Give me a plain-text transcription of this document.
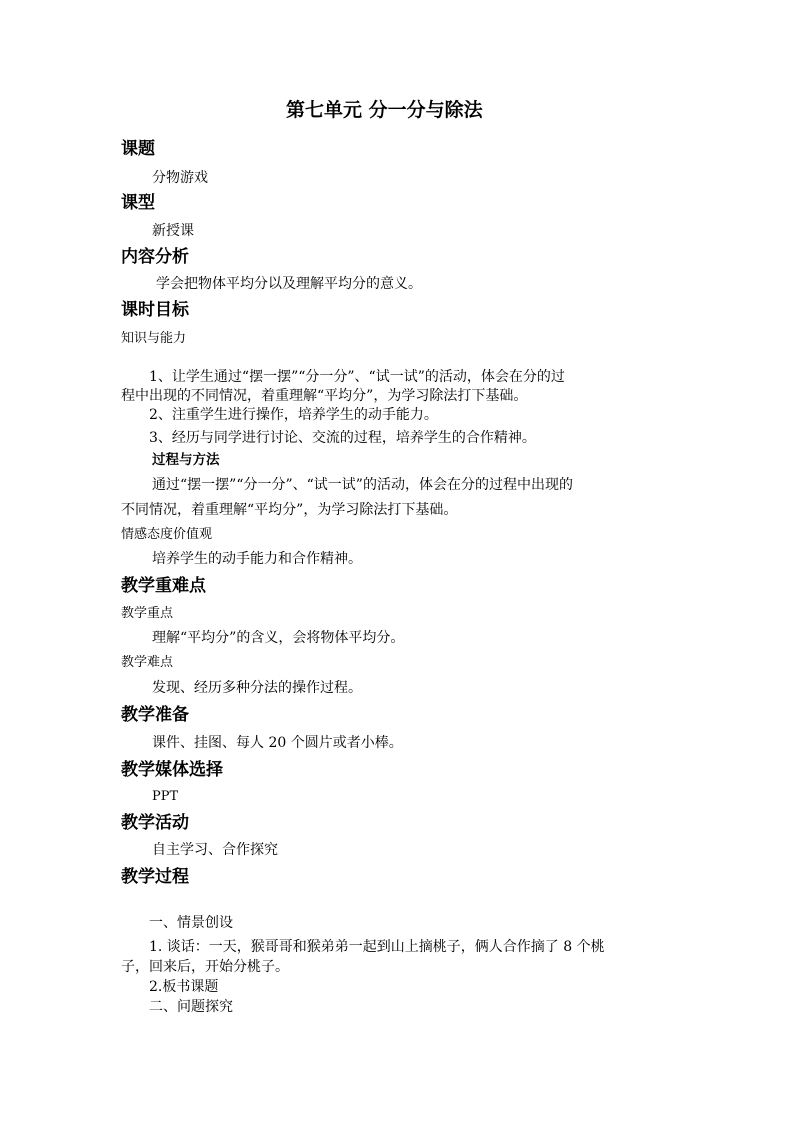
第七单元 分一分与除法
课题
分物游戏
课型
新授课
内容分析
学会把物体平均分以及理解平均分的意义。
课时目标
知识与能力
1、让学生通过“摆一摆”“分一分”、“试一试”的活动，体会在分的过
程中出现的不同情况，着重理解“平均分”，为学习除法打下基础。
2、注重学生进行操作，培养学生的动手能力。
3、经历与同学进行讨论、交流的过程，培养学生的合作精神。
过程与方法
通过“摆一摆”“分一分”、“试一试”的活动，体会在分的过程中出现的
不同情况，着重理解“平均分”，为学习除法打下基础。
情感态度价值观
培养学生的动手能力和合作精神。
教学重难点
教学重点
理解“平均分”的含义，会将物体平均分。
教学难点
发现、经历多种分法的操作过程。
教学准备
课件、挂图、每人 20 个圆片或者小棒。
教学媒体选择
PPT
教学活动
自主学习、合作探究
教学过程
一、情景创设
1. 谈话：一天，猴哥哥和猴弟弟一起到山上摘桃子，俩人合作摘了 8 个桃
子，回来后，开始分桃子。
2.板书课题
二、问题探究
